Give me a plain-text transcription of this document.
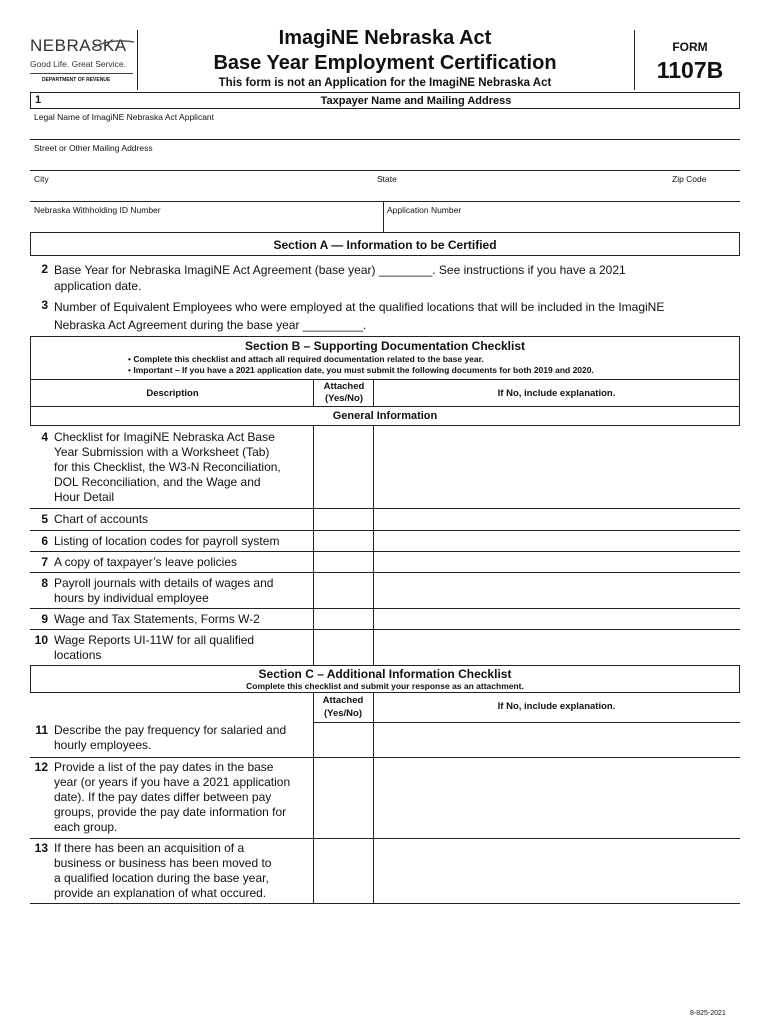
NEBRASKA
Good Life. Great Service.
DEPARTMENT OF REVENUE
ImagiNE Nebraska Act
Base Year Employment Certification
This form is not an Application for the ImagiNE Nebraska Act
FORM
1107B
1	Taxpayer Name and Mailing Address
Legal Name of ImagiNE Nebraska Act Applicant
Street or Other Mailing Address
City	State	Zip Code
Nebraska Withholding ID Number	Application Number
Section A — Information to be Certified
2 Base Year for Nebraska ImagiNE Act Agreement (base year) ________. See instructions if you have a 2021
application date.
3 Number of Equivalent Employees who were employed at the qualified locations that will be included in the ImagiNE
Nebraska Act Agreement during the base year _________.
Section B – Supporting Documentation Checklist
• Complete this checklist and attach all required documentation related to the base year.
• Important – If you have a 2021 application date, you must submit the following documents for both 2019 and 2020.
Description
Attached
(Yes/No)	If No, include explanation.
General Information
4 Checklist for ImagiNE Nebraska Act Base
Year Submission with a Worksheet (Tab)
for this Checklist, the W3-N Reconciliation,
DOL Reconciliation, and the Wage and
Hour Detail
5 Chart of accounts
6 Listing of location codes for payroll system
7 A copy of taxpayer’s leave policies
8 Payroll journals with details of wages and
hours by individual employee
9 Wage and Tax Statements, Forms W-2
10 Wage Reports UI-11W for all qualified
locations
Section C – Additional Information Checklist
Complete this checklist and submit your response as an attachment.
Attached
(Yes/No)
If No, include explanation.
11 Describe the pay frequency for salaried and
hourly employees.
12 Provide a list of the pay dates in the base
year (or years if you have a 2021 application
date). If the pay dates differ between pay
groups, provide the pay date information for
each group.
13 If there has been an acquisition of a
business or business has been moved to
a qualified location during the base year,
provide an explanation of what occured.
8-825-2021
